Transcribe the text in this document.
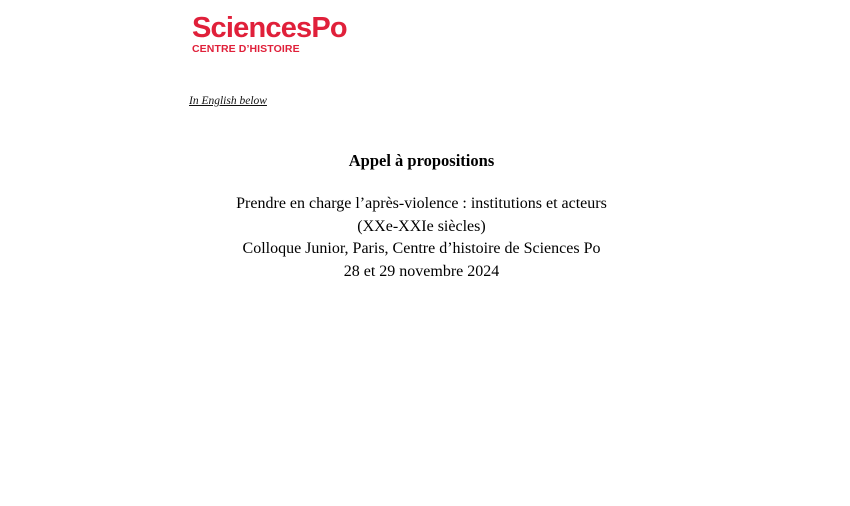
SciencesPo
CENTRE D’HISTOIRE
In English below
Appel à propositions
Prendre en charge l’après-violence : institutions et acteurs
(XXe-XXIe siècles)
Colloque Junior, Paris, Centre d’histoire de Sciences Po
28 et 29 novembre 2024
